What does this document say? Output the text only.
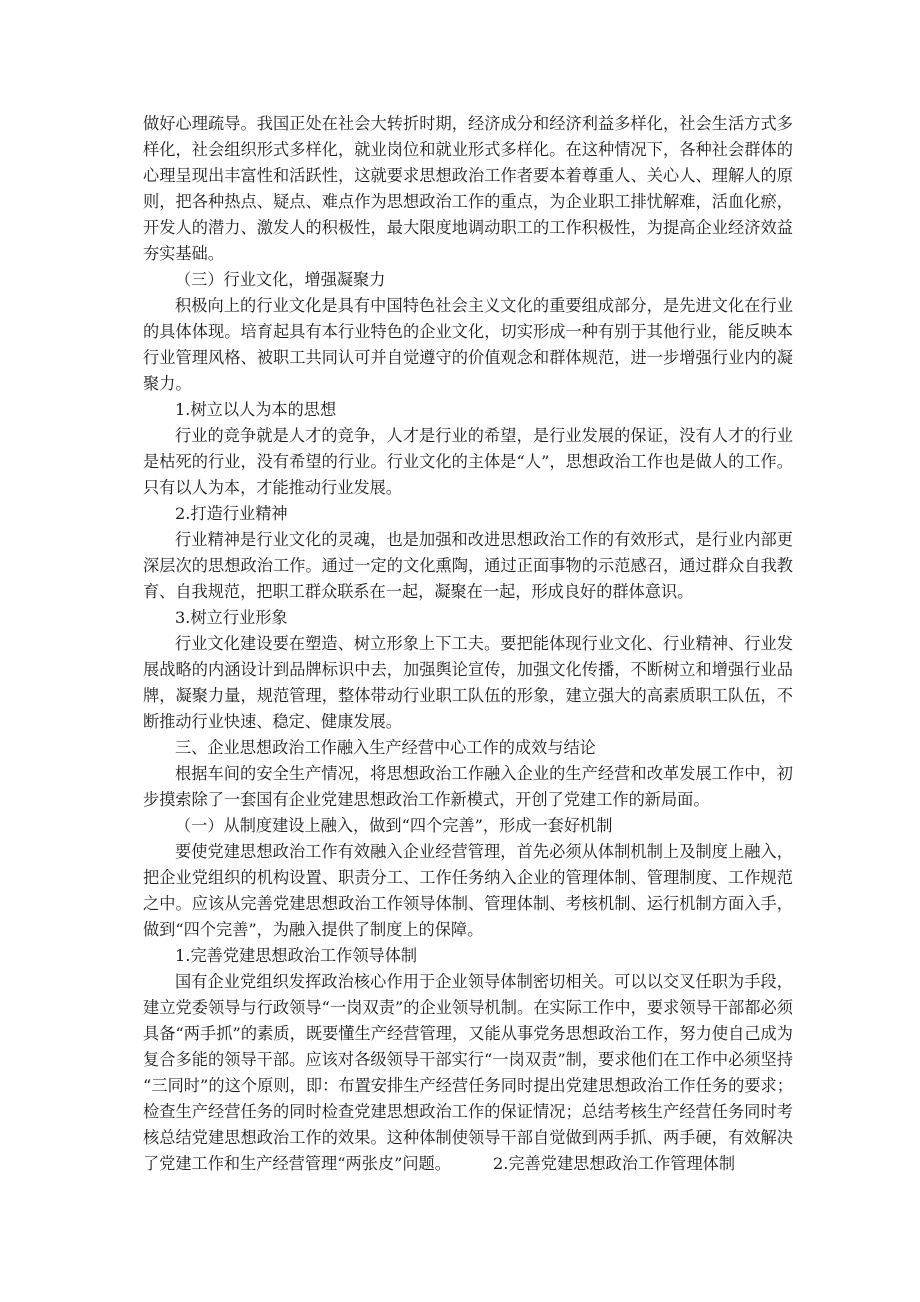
做好心理疏导。我国正处在社会大转折时期，经济成分和经济利益多样化，社会生活方式多
样化，社会组织形式多样化，就业岗位和就业形式多样化。在这种情况下，各种社会群体的
心理呈现出丰富性和活跃性，这就要求思想政治工作者要本着尊重人、关心人、理解人的原
则，把各种热点、疑点、难点作为思想政治工作的重点，为企业职工排忧解难，活血化瘀，
开发人的潜力、激发人的积极性，最大限度地调动职工的工作积极性，为提高企业经济效益
夯实基础。
（三）行业文化，增强凝聚力
积极向上的行业文化是具有中国特色社会主义文化的重要组成部分，是先进文化在行业
的具体体现。培育起具有本行业特色的企业文化，切实形成一种有别于其他行业，能反映本
行业管理风格、被职工共同认可并自觉遵守的价值观念和群体规范，进一步增强行业内的凝
聚力。
1.树立以人为本的思想
行业的竞争就是人才的竞争，人才是行业的希望，是行业发展的保证，没有人才的行业
是枯死的行业，没有希望的行业。行业文化的主体是“人”，思想政治工作也是做人的工作。
只有以人为本，才能推动行业发展。
2.打造行业精神
行业精神是行业文化的灵魂，也是加强和改进思想政治工作的有效形式，是行业内部更
深层次的思想政治工作。通过一定的文化熏陶，通过正面事物的示范感召，通过群众自我教
育、自我规范，把职工群众联系在一起，凝聚在一起，形成良好的群体意识。
3.树立行业形象
行业文化建设要在塑造、树立形象上下工夫。要把能体现行业文化、行业精神、行业发
展战略的内涵设计到品牌标识中去，加强舆论宣传，加强文化传播，不断树立和增强行业品
牌，凝聚力量，规范管理，整体带动行业职工队伍的形象，建立强大的高素质职工队伍，不
断推动行业快速、稳定、健康发展。
三、企业思想政治工作融入生产经营中心工作的成效与结论
根据车间的安全生产情况，将思想政治工作融入企业的生产经营和改革发展工作中，初
步摸索除了一套国有企业党建思想政治工作新模式，开创了党建工作的新局面。
（一）从制度建设上融入，做到“四个完善”，形成一套好机制
要使党建思想政治工作有效融入企业经营管理，首先必须从体制机制上及制度上融入，
把企业党组织的机构设置、职责分工、工作任务纳入企业的管理体制、管理制度、工作规范
之中。应该从完善党建思想政治工作领导体制、管理体制、考核机制、运行机制方面入手，
做到“四个完善”，为融入提供了制度上的保障。
1.完善党建思想政治工作领导体制
国有企业党组织发挥政治核心作用于企业领导体制密切相关。可以以交叉任职为手段，
建立党委领导与行政领导“一岗双责”的企业领导机制。在实际工作中，要求领导干部都必须
具备“两手抓”的素质，既要懂生产经营管理，又能从事党务思想政治工作，努力使自己成为
复合多能的领导干部。应该对各级领导干部实行“一岗双责”制，要求他们在工作中必须坚持
“三同时”的这个原则，即：布置安排生产经营任务同时提出党建思想政治工作任务的要求；
检查生产经营任务的同时检查党建思想政治工作的保证情况；总结考核生产经营任务同时考
核总结党建思想政治工作的效果。这种体制使领导干部自觉做到两手抓、两手硬，有效解决
了党建工作和生产经营管理“两张皮”问题。	2.完善党建思想政治工作管理体制
